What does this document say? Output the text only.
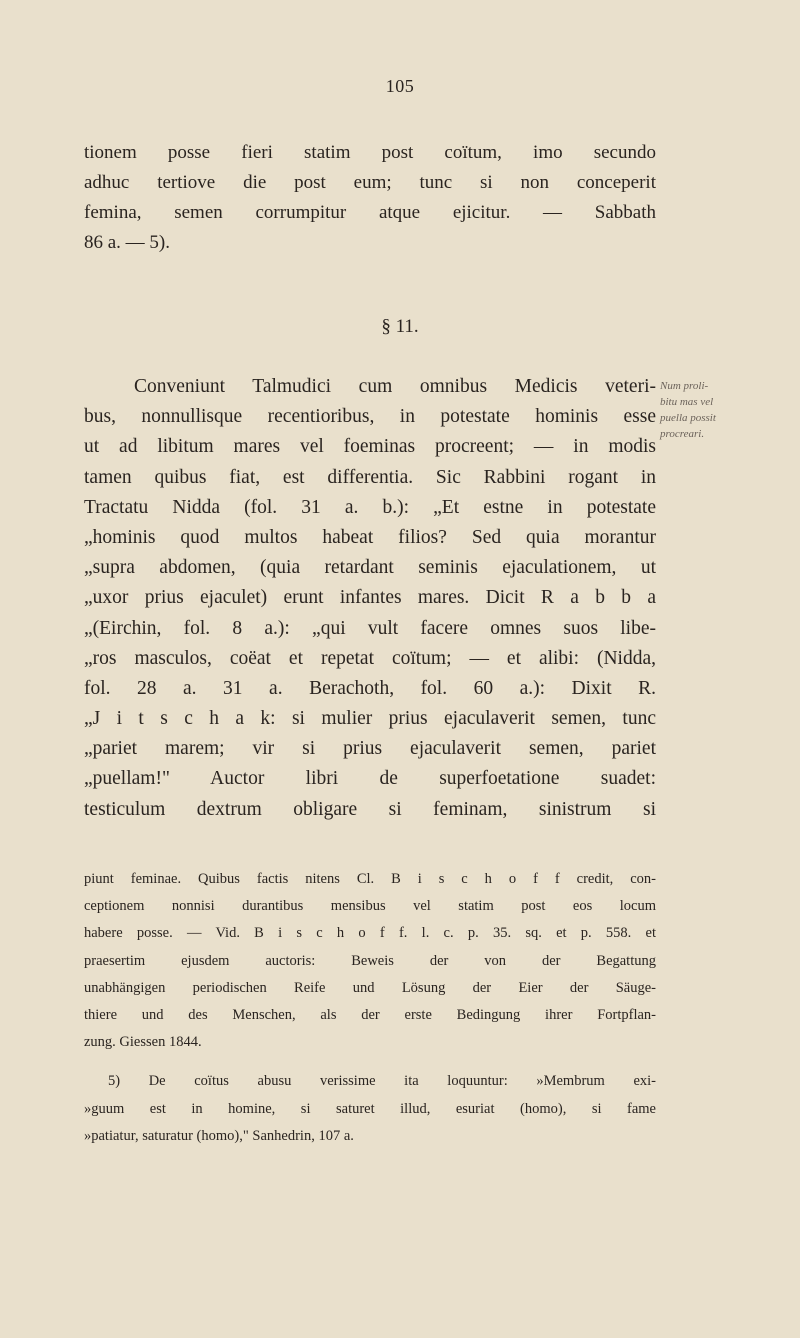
105
tionem posse fieri statim post coïtum, imo secundo
adhuc tertiove die post eum; tunc si non conceperit
femina, semen corrumpitur atque ejicitur. — Sabbath
86 a. — 5).
§ 11.
Conveniunt Talmudici cum omnibus Medicis veteri-
bus, nonnullisque recentioribus, in potestate hominis esse
ut ad libitum mares vel foeminas procreent; — in modis
tamen quibus fiat, est differentia. Sic Rabbini rogant in
Tractatu Nidda (fol. 31 a. b.): „Et estne in potestate
„hominis quod multos habeat filios? Sed quia morantur
„supra abdomen, (quia retardant seminis ejaculationem, ut
„uxor prius ejaculet) erunt infantes mares. Dicit R a b b a
„(Eirchin, fol. 8 a.): „qui vult facere omnes suos libe-
„ros masculos, coëat et repetat coïtum; — et alibi: (Nidda,
fol. 28 a. 31 a. Berachoth, fol. 60 a.): Dixit R.
„J i t s c h a k: si mulier prius ejaculaverit semen, tunc
„pariet marem; vir si prius ejaculaverit semen, pariet
„puellam!" Auctor libri de superfoetatione suadet:
testiculum dextrum obligare si feminam, sinistrum si
Num proli-
bitu mas vel
puella possit
procreari.
piunt feminae. Quibus factis nitens Cl. B i s c h o f f credit, con-
ceptionem nonnisi durantibus mensibus vel statim post eos locum
habere posse. — Vid. B i s c h o f f. l. c. p. 35. sq. et p. 558. et
praesertim ejusdem auctoris: Beweis der von der Begattung
unabhängigen periodischen Reife und Lösung der Eier der Säuge-
thiere und des Menschen, als der erste Bedingung ihrer Fortpflan-
zung. Giessen 1844.
5) De coïtus abusu verissime ita loquuntur: »Membrum exi-
»guum est in homine, si saturet illud, esuriat (homo), si fame
»patiatur, saturatur (homo)," Sanhedrin, 107 a.
